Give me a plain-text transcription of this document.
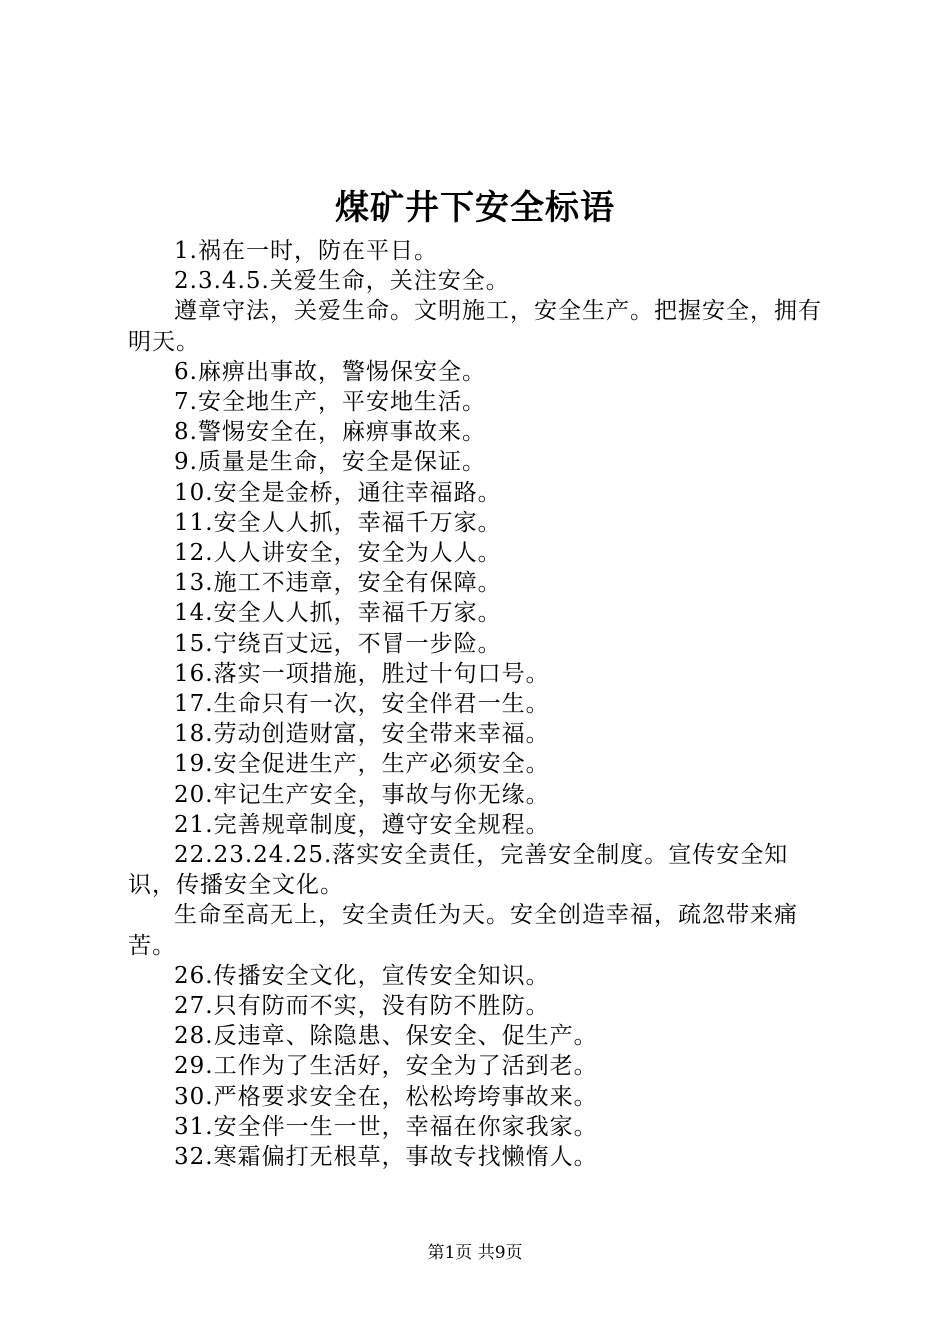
煤矿井下安全标语

1.祸在一时，防在平日。

2.3.4.5.关爱生命，关注安全。

遵章守法，关爱生命。文明施工，安全生产。把握安全，拥有明天。

6.麻痹出事故，警惕保安全。

7.安全地生产，平安地生活。

8.警惕安全在，麻痹事故来。

9.质量是生命，安全是保证。

10.安全是金桥，通往幸福路。

11.安全人人抓，幸福千万家。

12.人人讲安全，安全为人人。

13.施工不违章，安全有保障。

14.安全人人抓，幸福千万家。

15.宁绕百丈远，不冒一步险。

16.落实一项措施，胜过十句口号。

17.生命只有一次，安全伴君一生。

18.劳动创造财富，安全带来幸福。

19.安全促进生产，生产必须安全。

20.牢记生产安全，事故与你无缘。

21.完善规章制度，遵守安全规程。

22.23.24.25.落实安全责任，完善安全制度。宣传安全知识，传播安全文化。

生命至高无上，安全责任为天。安全创造幸福，疏忽带来痛苦。

26.传播安全文化，宣传安全知识。

27.只有防而不实，没有防不胜防。

28.反违章、除隐患、保安全、促生产。

29.工作为了生活好，安全为了活到老。

30.严格要求安全在，松松垮垮事故来。

31.安全伴一生一世，幸福在你家我家。

32.寒霜偏打无根草，事故专找懒惰人。

第1页 共9页
